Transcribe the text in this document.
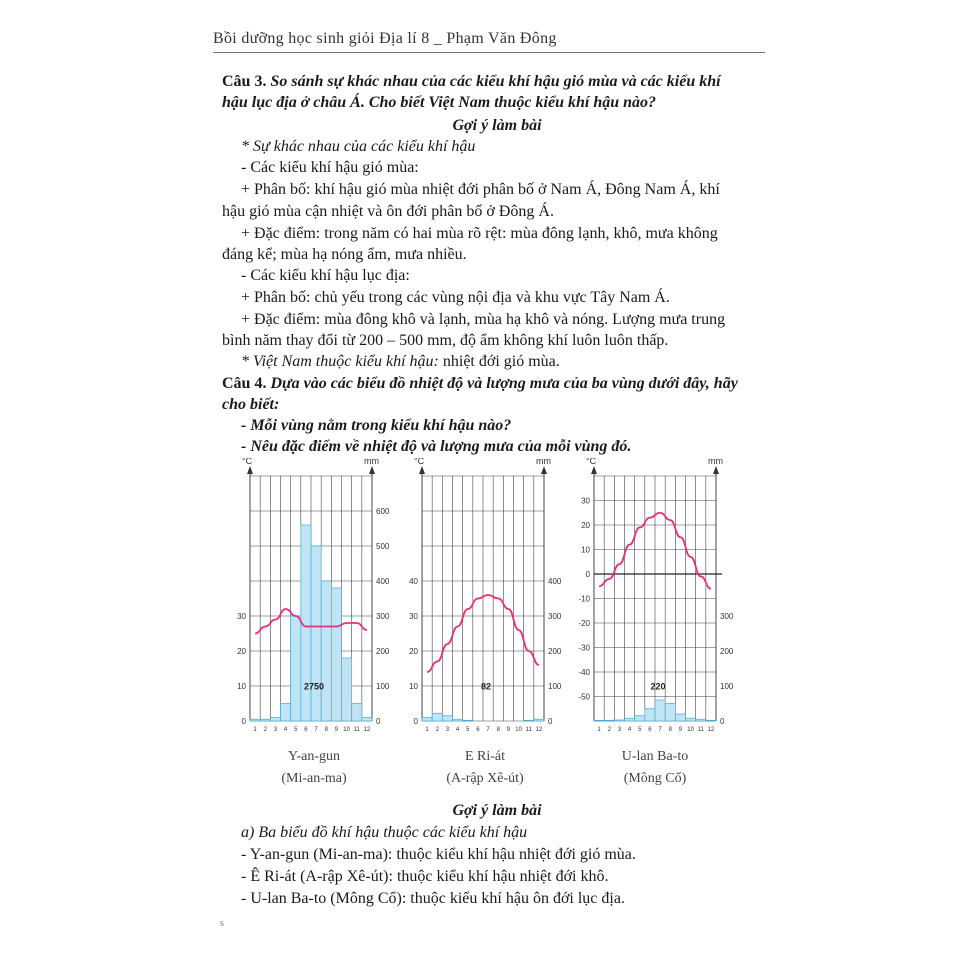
Bồi dưỡng học sinh giỏi Địa lí 8 _ Phạm Văn Đông
Câu 3. So sánh sự khác nhau của các kiểu khí hậu gió mùa và các kiểu khí
hậu lục địa ở châu Á. Cho biết Việt Nam thuộc kiểu khí hậu nào?
Gợi ý làm bài
* Sự khác nhau của các kiểu khí hậu
- Các kiểu khí hậu gió mùa:
+ Phân bố: khí hậu gió mùa nhiệt đới phân bố ở Nam Á, Đông Nam Á, khí
hậu gió mùa cận nhiệt và ôn đới phân bố ở Đông Á.
+ Đặc điểm: trong năm có hai mùa rõ rệt: mùa đông lạnh, khô, mưa không
đáng kể; mùa hạ nóng ẩm, mưa nhiều.
- Các kiểu khí hậu lục địa:
+ Phân bố: chủ yếu trong các vùng nội địa và khu vực Tây Nam Á.
+ Đặc điểm: mùa đông khô và lạnh, mùa hạ khô và nóng. Lượng mưa trung
bình năm thay đổi từ 200 – 500 mm, độ ẩm không khí luôn luôn thấp.
* Việt Nam thuộc kiểu khí hậu: nhiệt đới gió mùa.
Câu 4. Dựa vào các biểu đồ nhiệt độ và lượng mưa của ba vùng dưới đây, hãy
cho biết:
- Mỗi vùng nằm trong kiểu khí hậu nào?
- Nêu đặc điểm về nhiệt độ và lượng mưa của mỗi vùng đó.
°C	mm
0
10
20
30
0
100
200
300
400
500
600
1 2 3 4 5 6 7 8 9 10 11 12
2750
°C	mm
0
10
20
30
40
0
100
200
300
400
1 2 3 4 5 6 7 8 9 10 11 12
82
°C	mm
-50
-40
-30
-20
-10
0
10
20
30
0
100
200
300
1 2 3 4 5 6 7 8 9 10 11 12
220
Y-an-gun
(Mi-an-ma)
E Ri-át
(A-rập Xê-út)
U-lan Ba-to
(Mông Cổ)
Gợi ý làm bài
a) Ba biểu đồ khí hậu thuộc các kiểu khí hậu
- Y-an-gun (Mi-an-ma): thuộc kiểu khí hậu nhiệt đới gió mùa.
- Ê Ri-át (A-rập Xê-út): thuộc kiểu khí hậu nhiệt đới khô.
- U-lan Ba-to (Mông Cổ): thuộc kiểu khí hậu ôn đới lục địa.
s
